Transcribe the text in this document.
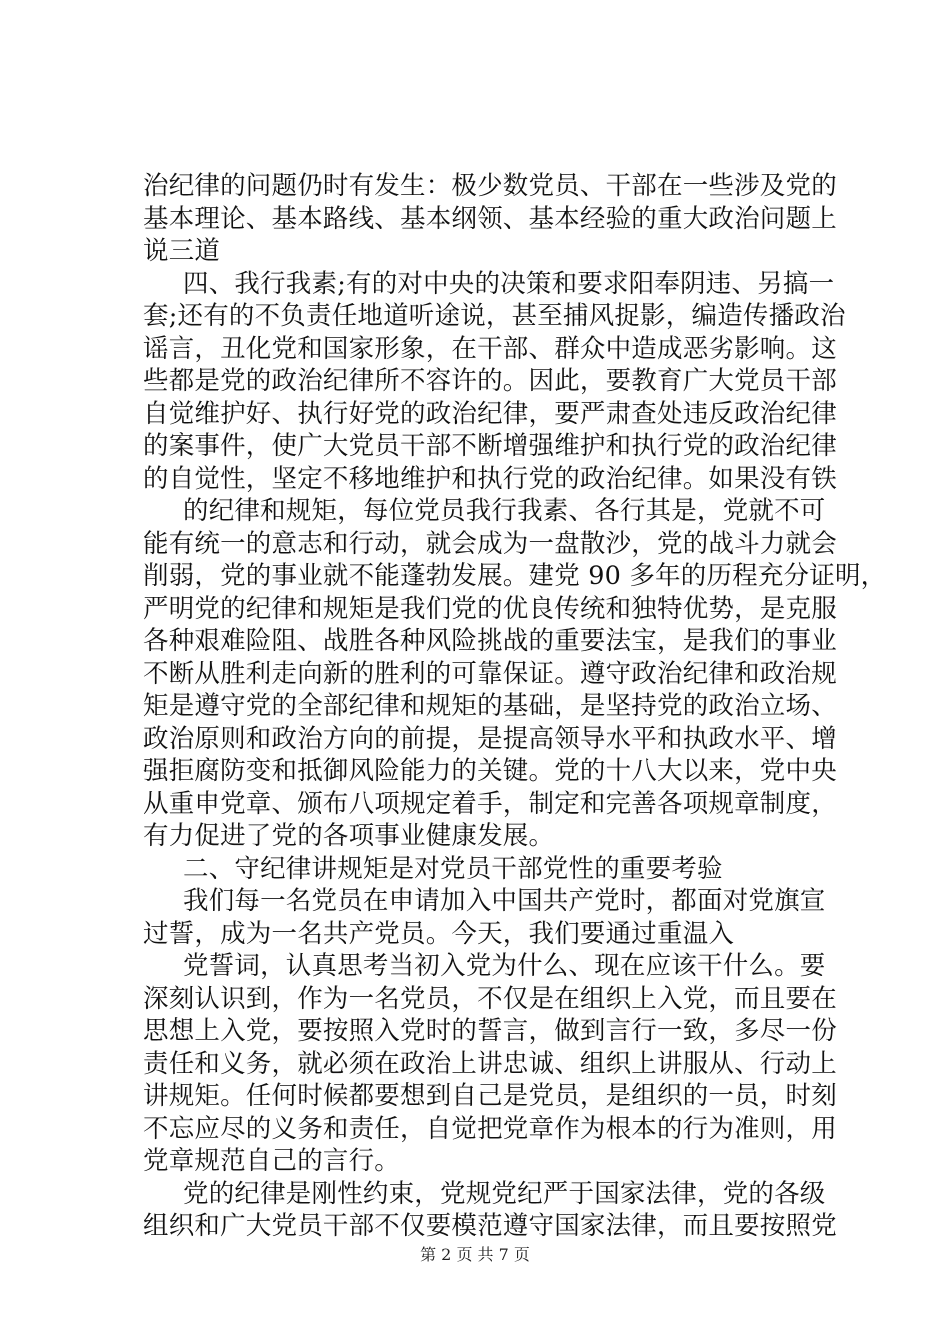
治纪律的问题仍时有发生：极少数党员、干部在一些涉及党的
基本理论、基本路线、基本纲领、基本经验的重大政治问题上
说三道
四、我行我素;有的对中央的决策和要求阳奉阴违、另搞一
套;还有的不负责任地道听途说，甚至捕风捉影，编造传播政治
谣言，丑化党和国家形象，在干部、群众中造成恶劣影响。这
些都是党的政治纪律所不容许的。因此，要教育广大党员干部
自觉维护好、执行好党的政治纪律，要严肃查处违反政治纪律
的案事件，使广大党员干部不断增强维护和执行党的政治纪律
的自觉性，坚定不移地维护和执行党的政治纪律。如果没有铁
的纪律和规矩，每位党员我行我素、各行其是，党就不可
能有统一的意志和行动，就会成为一盘散沙，党的战斗力就会
削弱，党的事业就不能蓬勃发展。建党 90 多年的历程充分证明，
严明党的纪律和规矩是我们党的优良传统和独特优势，是克服
各种艰难险阻、战胜各种风险挑战的重要法宝，是我们的事业
不断从胜利走向新的胜利的可靠保证。遵守政治纪律和政治规
矩是遵守党的全部纪律和规矩的基础，是坚持党的政治立场、
政治原则和政治方向的前提，是提高领导水平和执政水平、增
强拒腐防变和抵御风险能力的关键。党的十八大以来，党中央
从重申党章、颁布八项规定着手，制定和完善各项规章制度，
有力促进了党的各项事业健康发展。
二、守纪律讲规矩是对党员干部党性的重要考验
我们每一名党员在申请加入中国共产党时，都面对党旗宣
过誓，成为一名共产党员。今天，我们要通过重温入
党誓词，认真思考当初入党为什么、现在应该干什么。要
深刻认识到，作为一名党员，不仅是在组织上入党，而且要在
思想上入党，要按照入党时的誓言，做到言行一致，多尽一份
责任和义务，就必须在政治上讲忠诚、组织上讲服从、行动上
讲规矩。任何时候都要想到自己是党员，是组织的一员，时刻
不忘应尽的义务和责任，自觉把党章作为根本的行为准则，用
党章规范自己的言行。
党的纪律是刚性约束，党规党纪严于国家法律，党的各级
组织和广大党员干部不仅要模范遵守国家法律，而且要按照党
第 2 页 共 7 页
